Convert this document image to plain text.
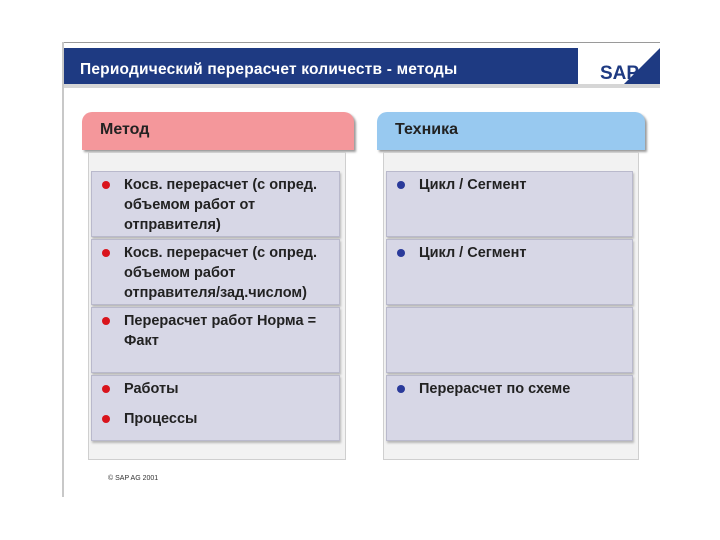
Периодический перерасчет количеств - методы	SAP
Метод
Косв. перерасчет (с опред. объемом работ от отправителя)
Косв. перерасчет (с опред. объемом работ отправителя/зад.числом)
Перерасчет работ Норма = Факт
Работы
Процессы
Техника
Цикл / Сегмент
Цикл / Сегмент
Перерасчет по схеме
© SAP AG 2001
